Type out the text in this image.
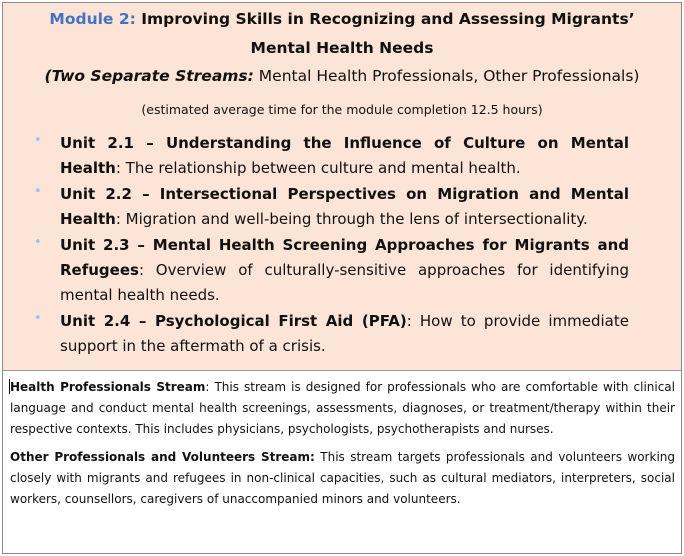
Module 2: Improving Skills in Recognizing and Assessing Migrants’
Mental Health Needs
(Two Separate Streams: Mental Health Professionals, Other Professionals)
(estimated average time for the module completion 12.5 hours)
• Unit 2.1 – Understanding the Influence of Culture on Mental Health: The relationship between culture and mental health.
• Unit 2.2 – Intersectional Perspectives on Migration and Mental Health: Migration and well-being through the lens of intersectionality.
• Unit 2.3 – Mental Health Screening Approaches for Migrants and Refugees: Overview of culturally-sensitive approaches for identifying mental health needs.
• Unit 2.4 – Psychological First Aid (PFA): How to provide immediate support in the aftermath of a crisis.

Health Professionals Stream: This stream is designed for professionals who are comfortable with clinical language and conduct mental health screenings, assessments, diagnoses, or treatment/therapy within their respective contexts. This includes physicians, psychologists, psychotherapists and nurses.

Other Professionals and Volunteers Stream: This stream targets professionals and volunteers working closely with migrants and refugees in non-clinical capacities, such as cultural mediators, interpreters, social workers, counsellors, caregivers of unaccompanied minors and volunteers.
